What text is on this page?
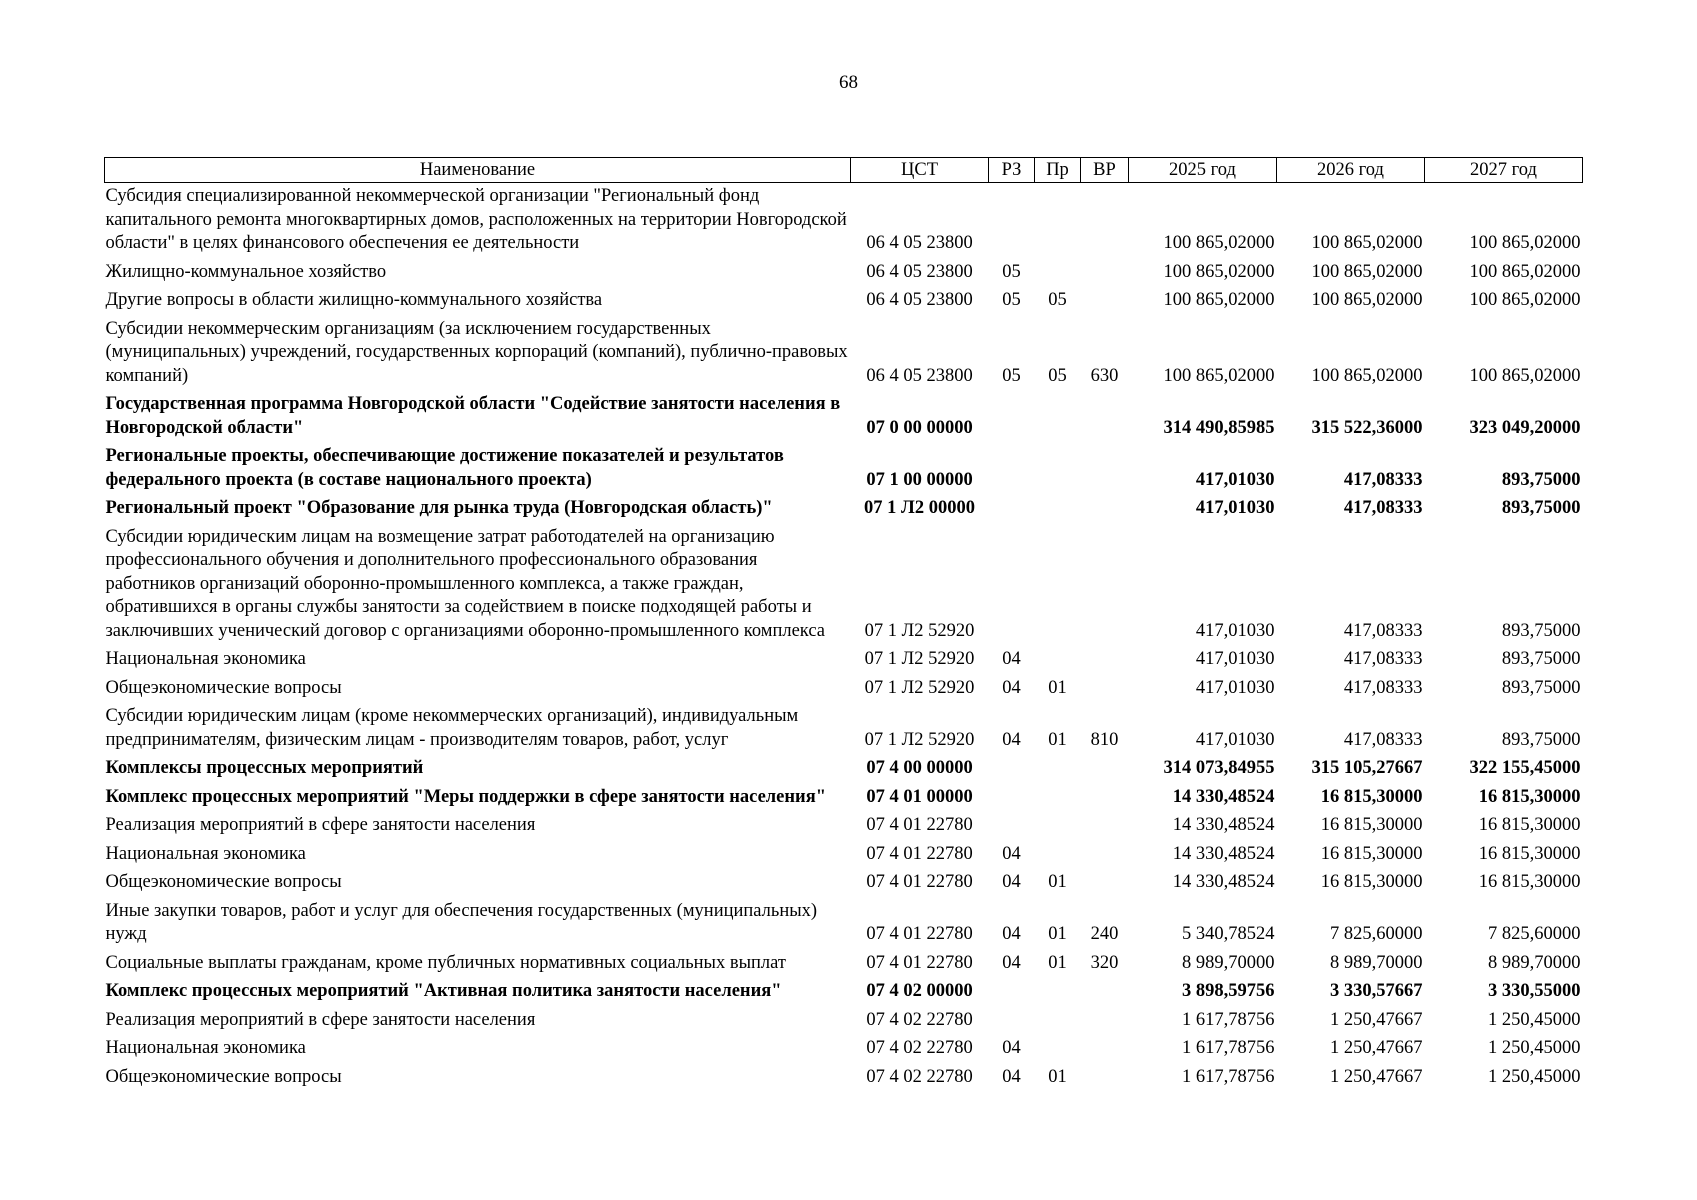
68
Наименование	ЦСТ	РЗ	Пр	ВР	2025 год	2026 год	2027 год
Субсидия специализированной некоммерческой организации "Региональный фонд капитального ремонта многоквартирных домов, расположенных на территории Новгородской области" в целях финансового обеспечения ее деятельности	06 4 05 23800				100 865,02000	100 865,02000	100 865,02000
Жилищно-коммунальное хозяйство	06 4 05 23800	05			100 865,02000	100 865,02000	100 865,02000
Другие вопросы в области жилищно-коммунального хозяйства	06 4 05 23800	05	05		100 865,02000	100 865,02000	100 865,02000
Субсидии некоммерческим организациям (за исключением государственных (муниципальных) учреждений, государственных корпораций (компаний), публично-правовых компаний)	06 4 05 23800	05	05	630	100 865,02000	100 865,02000	100 865,02000
Государственная программа Новгородской области "Содействие занятости населения в Новгородской области"	07 0 00 00000				314 490,85985	315 522,36000	323 049,20000
Региональные проекты, обеспечивающие достижение показателей и результатов федерального проекта (в составе национального проекта)	07 1 00 00000				417,01030	417,08333	893,75000
Региональный проект "Образование для рынка труда (Новгородская область)"	07 1 Л2 00000				417,01030	417,08333	893,75000
Субсидии юридическим лицам на возмещение затрат работодателей на организацию профессионального обучения и дополнительного профессионального образования работников организаций оборонно-промышленного комплекса, а также граждан, обратившихся в органы службы занятости за содействием в поиске подходящей работы и заключивших ученический договор с организациями оборонно-промышленного комплекса	07 1 Л2 52920				417,01030	417,08333	893,75000
Национальная экономика	07 1 Л2 52920	04			417,01030	417,08333	893,75000
Общеэкономические вопросы	07 1 Л2 52920	04	01		417,01030	417,08333	893,75000
Субсидии юридическим лицам (кроме некоммерческих организаций), индивидуальным предпринимателям, физическим лицам - производителям товаров, работ, услуг	07 1 Л2 52920	04	01	810	417,01030	417,08333	893,75000
Комплексы процессных мероприятий	07 4 00 00000				314 073,84955	315 105,27667	322 155,45000
Комплекс процессных мероприятий "Меры поддержки в сфере занятости населения"	07 4 01 00000				14 330,48524	16 815,30000	16 815,30000
Реализация мероприятий в сфере занятости населения	07 4 01 22780				14 330,48524	16 815,30000	16 815,30000
Национальная экономика	07 4 01 22780	04			14 330,48524	16 815,30000	16 815,30000
Общеэкономические вопросы	07 4 01 22780	04	01		14 330,48524	16 815,30000	16 815,30000
Иные закупки товаров, работ и услуг для обеспечения государственных (муниципальных) нужд	07 4 01 22780	04	01	240	5 340,78524	7 825,60000	7 825,60000
Социальные выплаты гражданам, кроме публичных нормативных социальных выплат	07 4 01 22780	04	01	320	8 989,70000	8 989,70000	8 989,70000
Комплекс процессных мероприятий "Активная политика занятости населения"	07 4 02 00000				3 898,59756	3 330,57667	3 330,55000
Реализация мероприятий в сфере занятости населения	07 4 02 22780				1 617,78756	1 250,47667	1 250,45000
Национальная экономика	07 4 02 22780	04			1 617,78756	1 250,47667	1 250,45000
Общеэкономические вопросы	07 4 02 22780	04	01		1 617,78756	1 250,47667	1 250,45000
